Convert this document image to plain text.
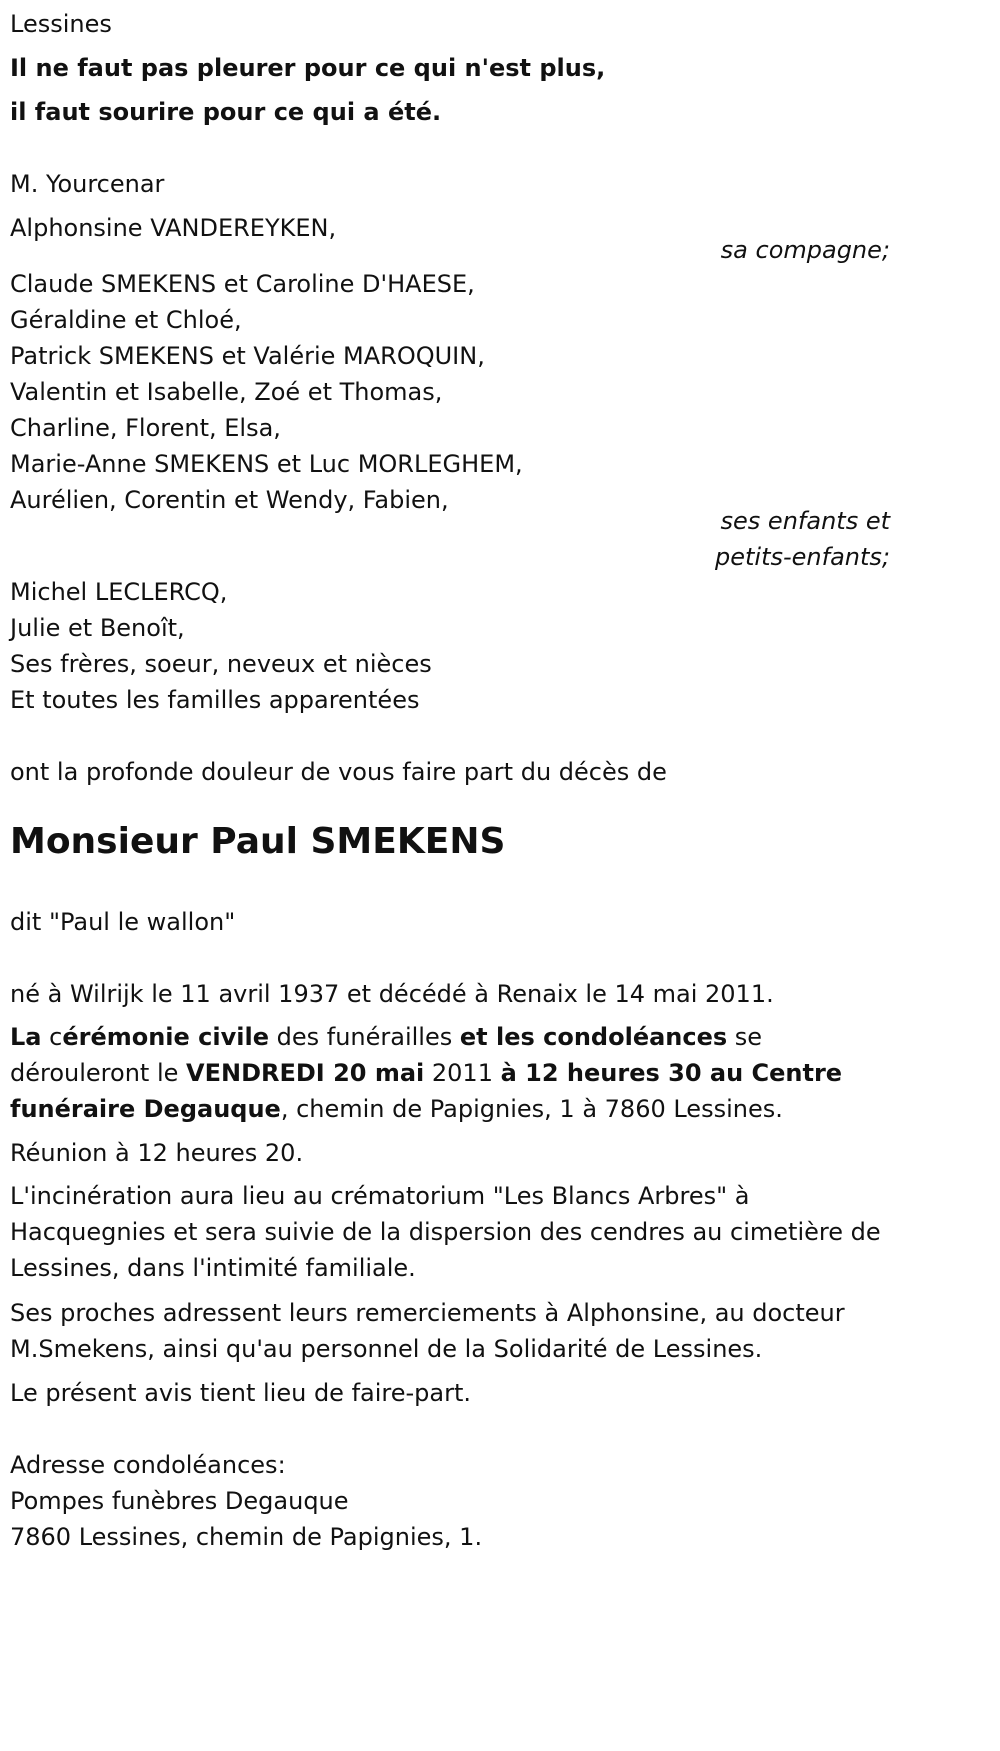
Lessines
Il ne faut pas pleurer pour ce qui n'est plus,
il faut sourire pour ce qui a été.
M. Yourcenar
Alphonsine VANDEREYKEN,
sa compagne;
Claude SMEKENS et Caroline D'HAESE,
Géraldine et Chloé,
Patrick SMEKENS et Valérie MAROQUIN,
Valentin et Isabelle, Zoé et Thomas,
Charline, Florent, Elsa,
Marie-Anne SMEKENS et Luc MORLEGHEM,
Aurélien, Corentin et Wendy, Fabien,
ses enfants et
petits-enfants;
Michel LECLERCQ,
Julie et Benoît,
Ses frères, soeur, neveux et nièces
Et toutes les familles apparentées
ont la profonde douleur de vous faire part du décès de
Monsieur Paul SMEKENS
dit "Paul le wallon"
né à Wilrijk le 11 avril 1937 et décédé à Renaix le 14 mai 2011.
La cérémonie civile des funérailles et les condoléances se dérouleront le VENDREDI 20 mai 2011 à 12 heures 30 au Centre funéraire Degauque, chemin de Papignies, 1 à 7860 Lessines.
Réunion à 12 heures 20.
L'incinération aura lieu au crématorium "Les Blancs Arbres" à Hacquegnies et sera suivie de la dispersion des cendres au cimetière de Lessines, dans l'intimité familiale.
Ses proches adressent leurs remerciements à Alphonsine, au docteur M.Smekens, ainsi qu'au personnel de la Solidarité de Lessines.
Le présent avis tient lieu de faire-part.
Adresse condoléances:
Pompes funèbres Degauque
7860 Lessines, chemin de Papignies, 1.
